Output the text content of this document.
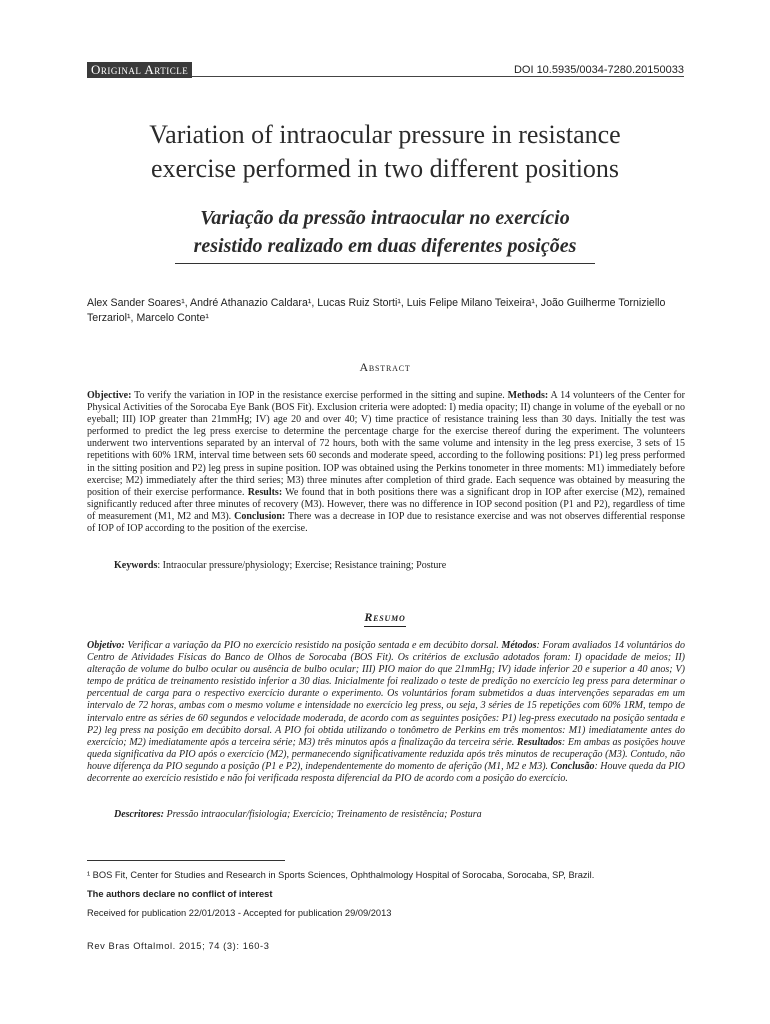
Original Article	DOI 10.5935/0034-7280.20150033
Variation of intraocular pressure in resistance
exercise performed in two different positions
Variação da pressão intraocular no exercício
resistido realizado em duas diferentes posições
Alex Sander Soares¹, André Athanazio Caldara¹, Lucas Ruiz Storti¹, Luis Felipe Milano Teixeira¹, João Guilherme Torniziello
Terzariol¹, Marcelo Conte¹
Abstract

Objective: To verify the variation in IOP in the resistance exercise performed in the sitting and supine. Methods: A 14 volunteers of the Center for Physical Activities of the Sorocaba Eye Bank (BOS Fit). Exclusion criteria were adopted: I) media opacity; II) change in volume of the eyeball or no eyeball; III) IOP greater than 21mmHg; IV) age 20 and over 40; V) time practice of resistance training less than 30 days. Initially the test was performed to predict the leg press exercise to determine the percentage charge for the exercise thereof during the experiment. The volunteers underwent two interventions separated by an interval of 72 hours, both with the same volume and intensity in the leg press exercise, 3 sets of 15 repetitions with 60% 1RM, interval time between sets 60 seconds and moderate speed, according to the following positions: P1) leg press performed in the sitting position and P2) leg press in supine position. IOP was obtained using the Perkins tonometer in three moments: M1) immediately before exercise; M2) immediately after the third series; M3) three minutes after completion of third grade. Each sequence was obtained by measuring the position of their exercise performance. Results: We found that in both positions there was a significant drop in IOP after exercise (M2), remained significantly reduced after three minutes of recovery (M3). However, there was no difference in IOP second position (P1 and P2), regardless of time of measurement (M1, M2 and M3). Conclusion: There was a decrease in IOP due to resistance exercise and was not observes differential response of IOP of IOP according to the position of the exercise.

Keywords: Intraocular pressure/physiology; Exercise; Resistance training; Posture
Resumo

Objetivo: Verificar a variação da PIO no exercício resistido na posição sentada e em decúbito dorsal. Métodos: Foram avaliados 14 voluntários do Centro de Atividades Físicas do Banco de Olhos de Sorocaba (BOS Fit). Os critérios de exclusão adotados foram: I) opacidade de meios; II) alteração de volume do bulbo ocular ou ausência de bulbo ocular; III) PIO maior do que 21mmHg; IV) idade inferior 20 e superior a 40 anos; V) tempo de prática de treinamento resistido inferior a 30 dias. Inicialmente foi realizado o teste de predição no exercício leg press para determinar o percentual de carga para o respectivo exercício durante o experimento. Os voluntários foram submetidos a duas intervenções separadas em um intervalo de 72 horas, ambas com o mesmo volume e intensidade no exercício leg press, ou seja, 3 séries de 15 repetições com 60% 1RM, tempo de intervalo entre as séries de 60 segundos e velocidade moderada, de acordo com as seguintes posições: P1) leg-press executado na posição sentada e P2) leg press na posição em decúbito dorsal. A PIO foi obtida utilizando o tonômetro de Perkins em três momentos: M1) imediatamente antes do exercício; M2) imediatamente após a terceira série; M3) três minutos após a finalização da terceira série. Resultados: Em ambas as posições houve queda significativa da PIO após o exercício (M2), permanecendo significativamente reduzida após três minutos de recuperação (M3). Contudo, não houve diferença da PIO segundo a posição (P1 e P2), independentemente do momento de aferição (M1, M2 e M3). Conclusão: Houve queda da PIO decorrente ao exercício resistido e não foi verificada resposta diferencial da PIO de acordo com a posição do exercício.

Descritores: Pressão intraocular/fisiologia; Exercício; Treinamento de resistência; Postura

¹ BOS Fit, Center for Studies and Research in Sports Sciences, Ophthalmology Hospital of Sorocaba, Sorocaba, SP, Brazil.

The authors declare no conflict of interest

Received for publication 22/01/2013 - Accepted for publication 29/09/2013

Rev Bras Oftalmol. 2015; 74 (3): 160-3
